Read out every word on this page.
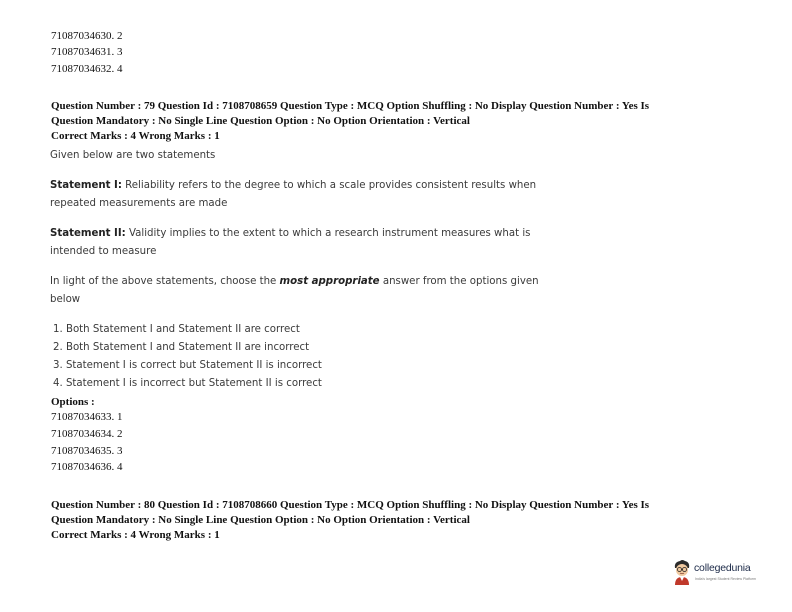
71087034630. 2
71087034631. 3
71087034632. 4
Question Number : 79 Question Id : 7108708659 Question Type : MCQ Option Shuffling : No Display Question Number : Yes Is
Question Mandatory : No Single Line Question Option : No Option Orientation : Vertical
Correct Marks : 4 Wrong Marks : 1
Given below are two statements
Statement I: Reliability refers to the degree to which a scale provides consistent results when
repeated measurements are made
Statement II: Validity implies to the extent to which a research instrument measures what is
intended to measure
In light of the above statements, choose the most appropriate answer from the options given
below
1. Both Statement I and Statement II are correct
2. Both Statement I and Statement II are incorrect
3. Statement I is correct but Statement II is incorrect
4. Statement I is incorrect but Statement II is correct
Options :
71087034633. 1
71087034634. 2
71087034635. 3
71087034636. 4
Question Number : 80 Question Id : 7108708660 Question Type : MCQ Option Shuffling : No Display Question Number : Yes Is
Question Mandatory : No Single Line Question Option : No Option Orientation : Vertical
Correct Marks : 4 Wrong Marks : 1
collegedunia
India's largest Student Review Platform
